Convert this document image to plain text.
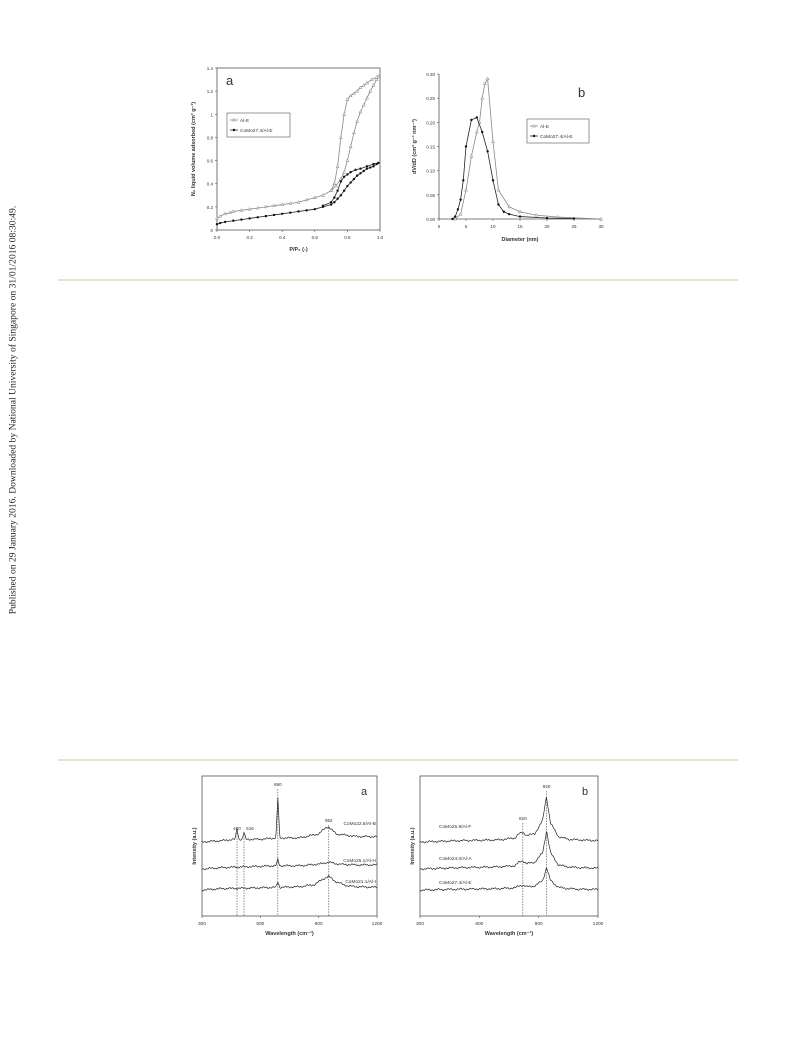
Published on 29 January 2016. Downloaded by National University of Singapore on 31/01/2016 08:30:49.	0
0.2
0.4
0.6
0.8
1
1.2
1.4
0.0	0.2	0.4	0.6	0.8	1.0
P/P₀ (-)
N₂ liquid volume adsorbed (cm³ g⁻¹)
a
Al-E
CoMo27.4/Al-E
0.00
0.05
0.10
0.15
0.20
0.25
0.30
0	5	10	15	20	25	30
Diameter (nm)
dV/dD (cm³ g⁻¹ nm⁻¹)
b
Al-E
CoMo27.4/Al-E
300	600	900	1200
Wavelength (cm⁻¹)
Intensity (a.u.)
a
480 516
690
952
CoMo22.8/Al-B
CoMo26.1/Al-H
CoMo21.1/Al-I
300	600	900	1200
Wavelength (cm⁻¹)
Intensity (a.u.)
b
820
940
CoMo25.9/Al-F
CoMo24.0/Al-A
CoMo27.4/Al-E
